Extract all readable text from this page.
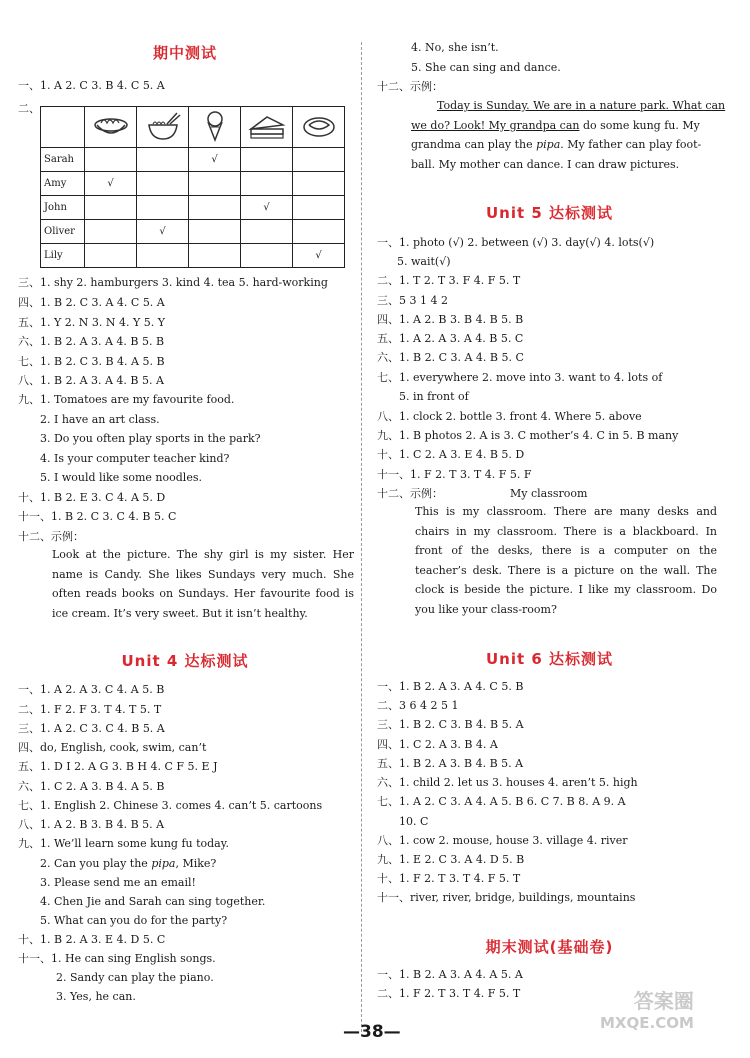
期中测试
一、1. A 2. C 3. B 4. C 5. A
二、

Sarah			√		
Amy	√				
John				√	
Oliver		√			
Lily					√
三、1. shy 2. hamburgers 3. kind 4. tea 5. hard-working
四、1. B 2. C 3. A 4. C 5. A
五、1. Y 2. N 3. N 4. Y 5. Y
六、1. B 2. A 3. A 4. B 5. B
七、1. B 2. C 3. B 4. A 5. B
八、1. B 2. A 3. A 4. B 5. A
九、1. Tomatoes are my favourite food.
2. I have an art class.
3. Do you often play sports in the park?
4. Is your computer teacher kind?
5. I would like some noodles.
十、1. B 2. E 3. C 4. A 5. D
十一、1. B 2. C 3. C 4. B 5. C
十二、示例：
Look at the picture. The shy girl is my sister. Her name is Candy. She likes Sundays very much. She often reads books on Sundays. Her favourite food is ice cream. It’s very sweet. But it isn’t healthy.
Unit 4 达标测试
一、1. A 2. A 3. C 4. A 5. B
二、1. F 2. F 3. T 4. T 5. T
三、1. A 2. C 3. C 4. B 5. A
四、do, English, cook, swim, can’t
五、1. D I 2. A G 3. B H 4. C F 5. E J
六、1. C 2. A 3. B 4. A 5. B
七、1. English 2. Chinese 3. comes 4. can’t 5. cartoons
八、1. A 2. B 3. B 4. B 5. A
九、1. We’ll learn some kung fu today.
2. Can you play the pipa, Mike?
3. Please send me an email!
4. Chen Jie and Sarah can sing together.
5. What can you do for the party?
十、1. B 2. A 3. E 4. D 5. C
十一、1. He can sing English songs.
2. Sandy can play the piano.
3. Yes, he can.
4. No, she isn’t.
5. She can sing and dance.
十二、示例：
Today is Sunday. We are in a nature park. What can
we do? Look! My grandpa can do some kung fu. My
grandma can play the pipa. My father can play foot-
ball. My mother can dance. I can draw pictures.
Unit 5 达标测试
一、1. photo (√) 2. between (√) 3. day(√) 4. lots(√)
5. wait(√)
二、1. T 2. T 3. F 4. F 5. T
三、5 3 1 4 2
四、1. A 2. B 3. B 4. B 5. B
五、1. A 2. A 3. A 4. B 5. C
六、1. B 2. C 3. A 4. B 5. C
七、1. everywhere 2. move into 3. want to 4. lots of
5. in front of
八、1. clock 2. bottle 3. front 4. Where 5. above
九、1. B photos 2. A is 3. C mother’s 4. C in 5. B many
十、1. C 2. A 3. E 4. B 5. D
十一、1. F 2. T 3. T 4. F 5. F
十二、示例：	My classroom
This is my classroom. There are many desks and chairs in my classroom. There is a blackboard. In front of the desks, there is a computer on the teacher’s desk. There is a picture on the wall. The clock is beside the picture. I like my classroom. Do you like your class-room?
Unit 6 达标测试
一、1. B 2. A 3. A 4. C 5. B
二、3 6 4 2 5 1
三、1. B 2. C 3. B 4. B 5. A
四、1. C 2. A 3. B 4. A
五、1. B 2. A 3. B 4. B 5. A
六、1. child 2. let us 3. houses 4. aren’t 5. high
七、1. A 2. C 3. A 4. A 5. B 6. C 7. B 8. A 9. A
10. C
八、1. cow 2. mouse, house 3. village 4. river
九、1. E 2. C 3. A 4. D 5. B
十、1. F 2. T 3. T 4. F 5. T
十一、river, river, bridge, buildings, mountains
期末测试(基础卷)
一、1. B 2. A 3. A 4. A 5. A
二、1. F 2. T 3. T 4. F 5. T
—38—
答案圈
MXQE.COM
